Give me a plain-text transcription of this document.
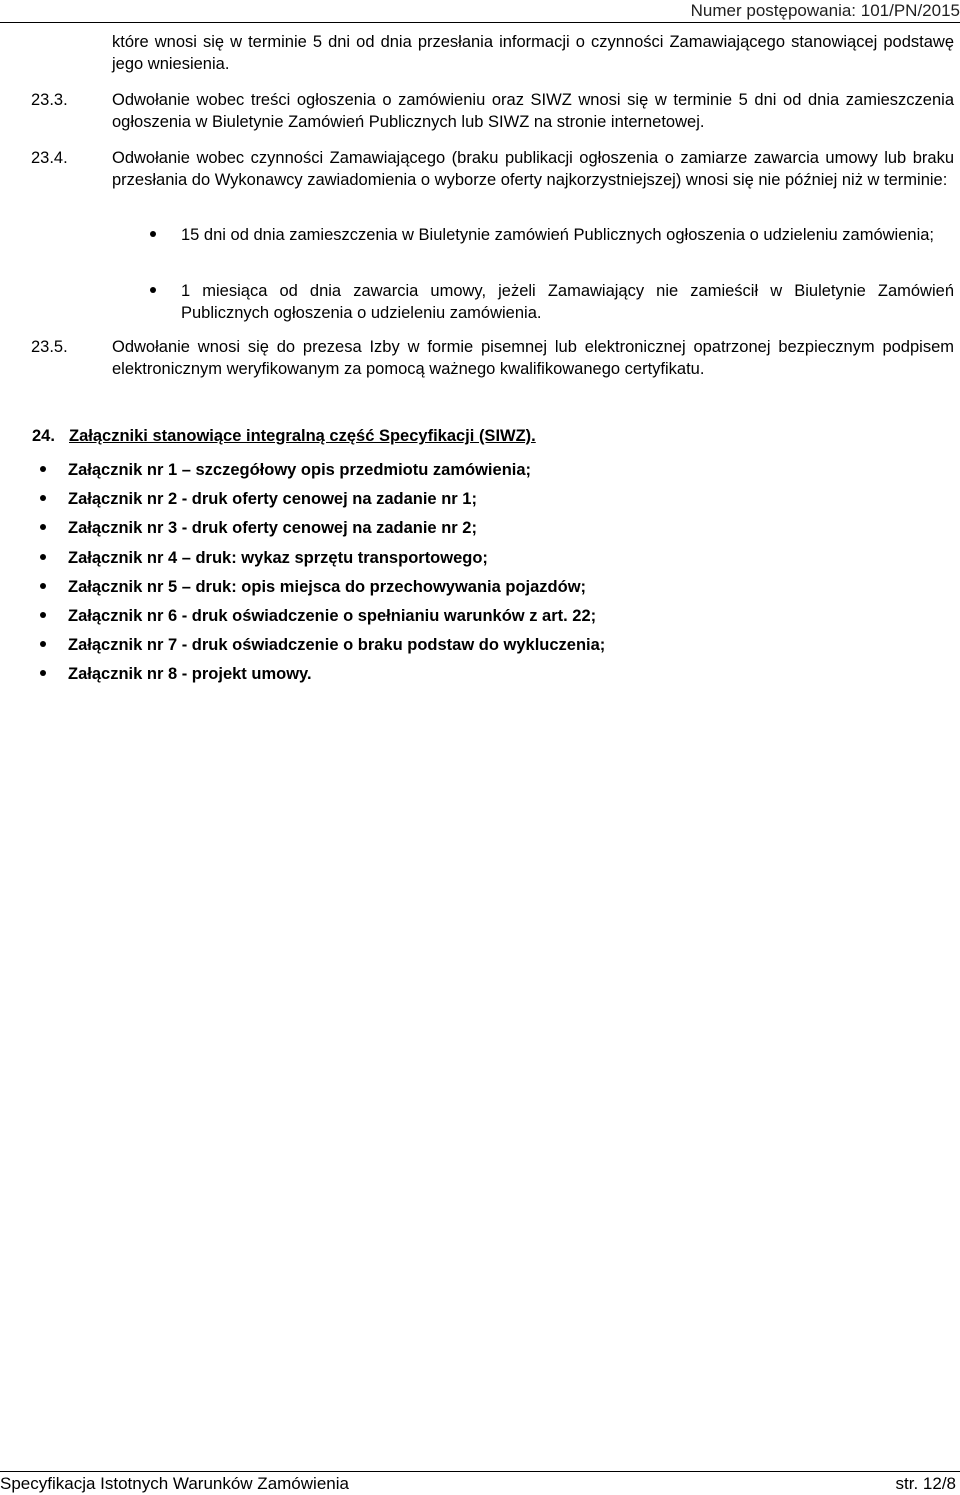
Numer postępowania: 101/PN/2015
które wnosi się w terminie 5 dni od dnia przesłania informacji o czynności Zamawiającego stanowiącej podstawę jego wniesienia.
23.3.	Odwołanie wobec treści ogłoszenia o zamówieniu oraz SIWZ wnosi się w terminie 5 dni od dnia zamieszczenia ogłoszenia w Biuletynie Zamówień Publicznych lub SIWZ na stronie internetowej.
23.4.	Odwołanie wobec czynności Zamawiającego (braku publikacji ogłoszenia o zamiarze zawarcia umowy lub braku przesłania do Wykonawcy zawiadomienia o wyborze oferty najkorzystniejszej) wnosi się nie później niż w terminie:
15 dni od dnia zamieszczenia w Biuletynie zamówień Publicznych ogłoszenia o udzieleniu zamówienia;
1 miesiąca od dnia zawarcia umowy, jeżeli Zamawiający nie zamieścił w Biuletynie Zamówień Publicznych ogłoszenia o udzieleniu zamówienia.
23.5.	Odwołanie wnosi się do prezesa Izby w formie pisemnej lub elektronicznej opatrzonej bezpiecznym podpisem elektronicznym weryfikowanym za pomocą ważnego kwalifikowanego certyfikatu.
24. Załączniki stanowiące integralną część Specyfikacji (SIWZ).
Załącznik nr 1 – szczegółowy opis przedmiotu zamówienia;
Załącznik nr 2 - druk oferty cenowej na zadanie nr 1;
Załącznik nr 3 - druk oferty cenowej na zadanie nr 2;
Załącznik nr 4 – druk: wykaz sprzętu transportowego;
Załącznik nr 5 – druk: opis miejsca do przechowywania pojazdów;
Załącznik nr 6 - druk oświadczenie o spełnianiu warunków z art. 22;
Załącznik nr 7 - druk oświadczenie o braku podstaw do wykluczenia;
Załącznik nr 8 - projekt umowy.
Specyfikacja Istotnych Warunków Zamówienia	str. 12/8
